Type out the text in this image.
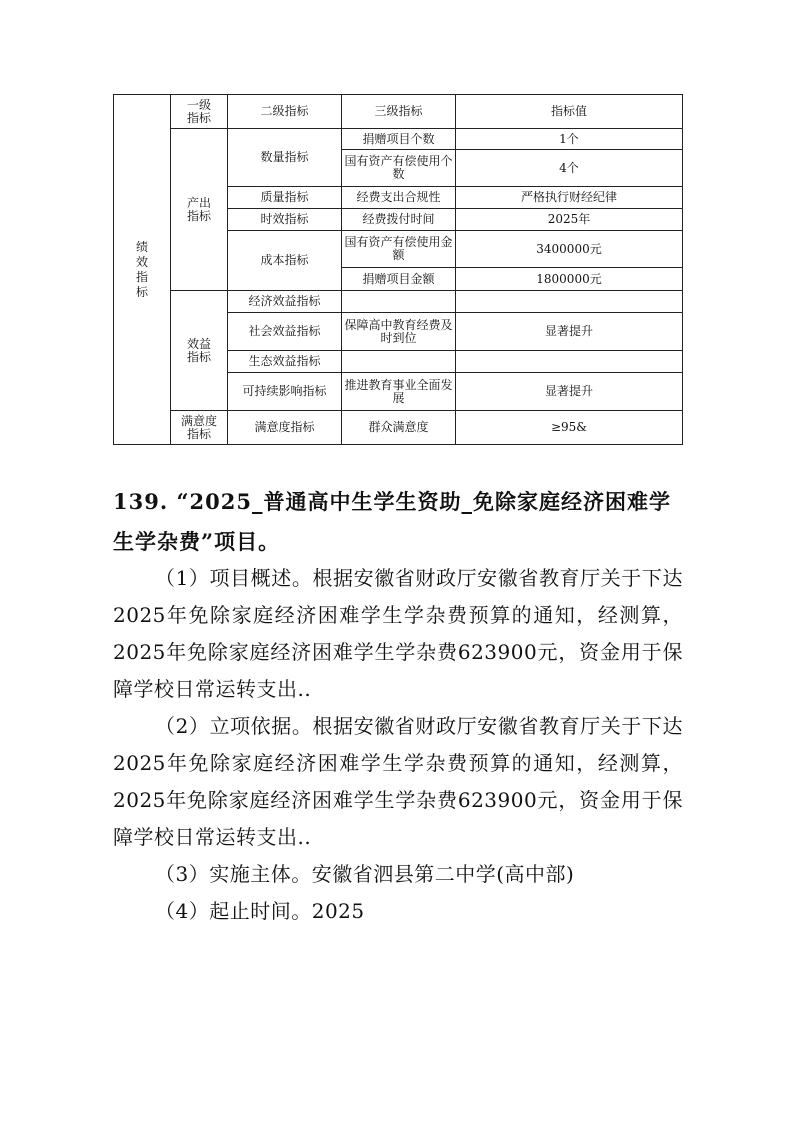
绩效指标	一级指标	二级指标	三级指标	指标值
	产出指标	数量指标	捐赠项目个数	1个
			国有资产有偿使用个数	4个
		质量指标	经费支出合规性	严格执行财经纪律
		时效指标	经费拨付时间	2025年
		成本指标	国有资产有偿使用金额	3400000元
			捐赠项目金额	1800000元
	效益指标	经济效益指标		
		社会效益指标	保障高中教育经费及时到位	显著提升
		生态效益指标		
		可持续影响指标	推进教育事业全面发展	显著提升
	满意度指标	满意度指标	群众满意度	≥95&
139. “2025_普通高中生学生资助_免除家庭经济困难学生学杂费”项目。
（1）项目概述。根据安徽省财政厅安徽省教育厅关于下达2025年免除家庭经济困难学生学杂费预算的通知，经测算，2025年免除家庭经济困难学生学杂费623900元，资金用于保障学校日常运转支出..
（2）立项依据。根据安徽省财政厅安徽省教育厅关于下达2025年免除家庭经济困难学生学杂费预算的通知，经测算，2025年免除家庭经济困难学生学杂费623900元，资金用于保障学校日常运转支出..
（3）实施主体。安徽省泗县第二中学(高中部)
（4）起止时间。2025
